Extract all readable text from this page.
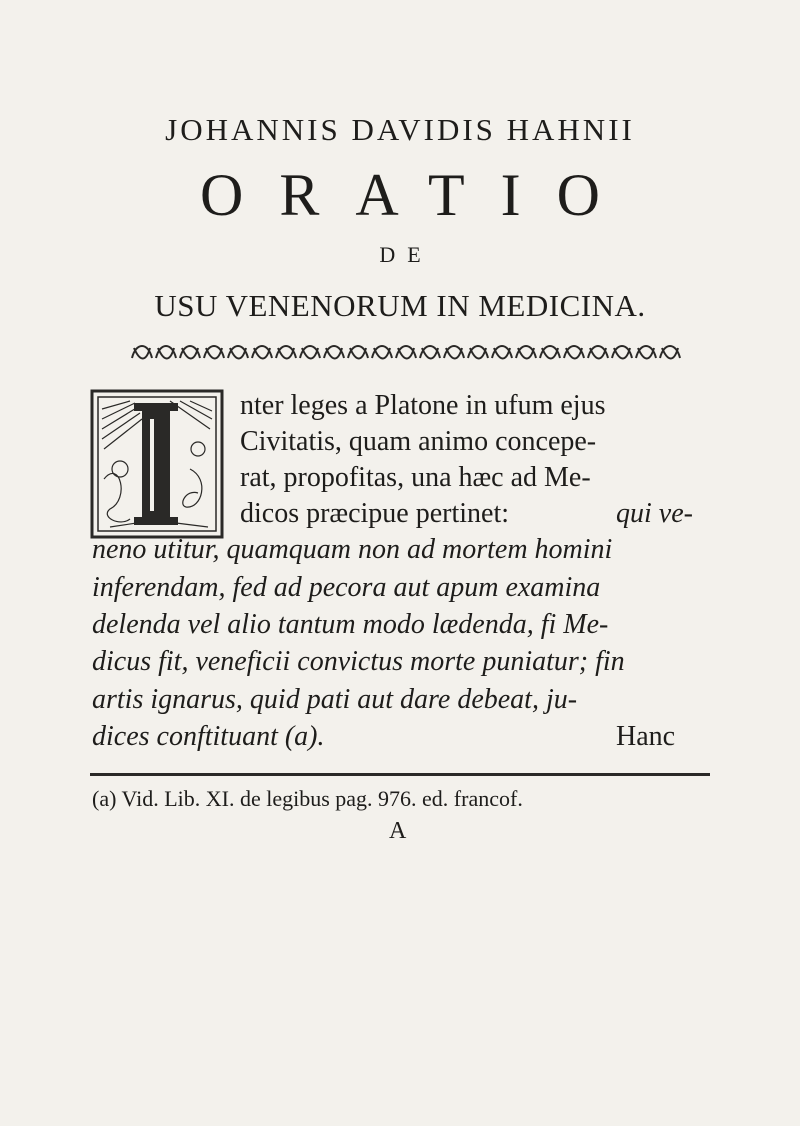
JOHANNIS DAVIDIS HAHNII
ORATIO
DE
USU VENENORUM IN MEDICINA.
nter leges a Platone in ufum ejus
Civitatis, quam animo concepe-
rat, propofitas, una hæc ad Me-
dicos præcipue pertinet:	qui ve-
neno utitur, quamquam non ad mortem homini
inferendam, fed ad pecora aut apum examina
delenda vel alio tantum modo lædenda, fi Me-
dicus fit, veneficii convictus morte puniatur; fin
artis ignarus, quid pati aut dare debeat, ju-
dices conftituant (a).	Hanc
(a) Vid. Lib. XI. de legibus pag. 976. ed. francof.
A
